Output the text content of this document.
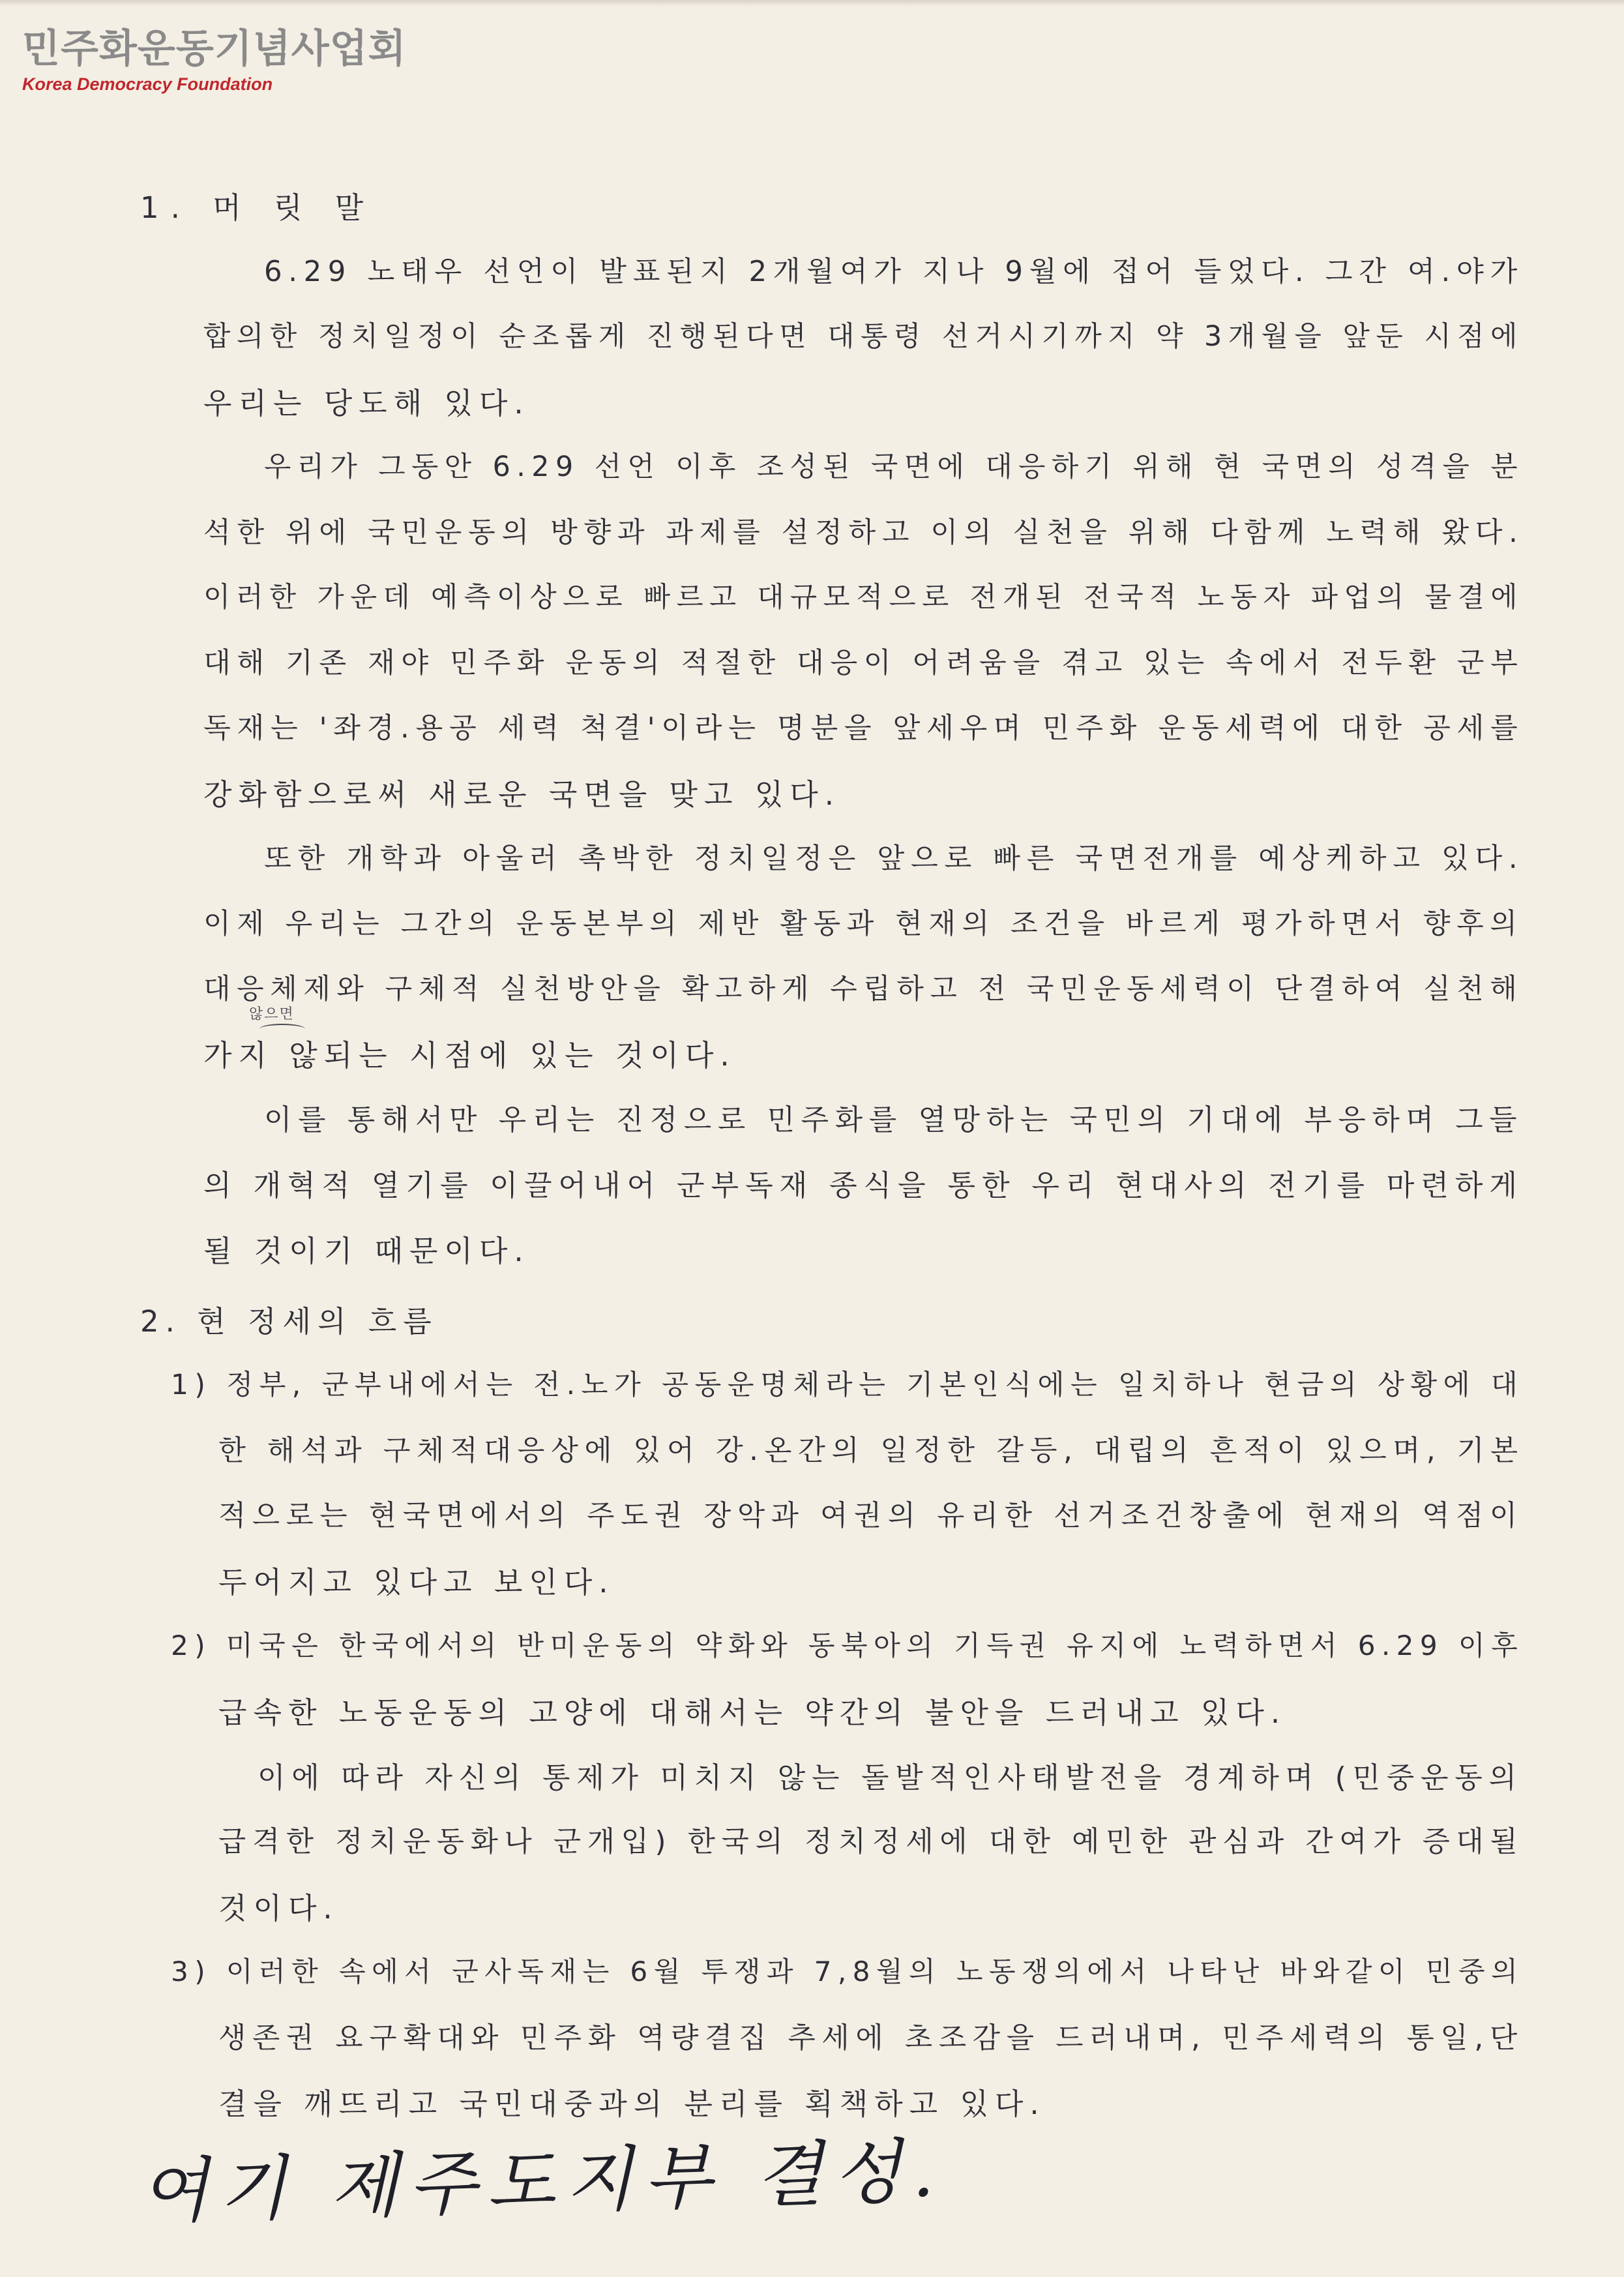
민주화운동기념사업회
Korea Democracy Foundation
1. 머 릿 말
6.29 노태우 선언이 발표된지 2개월여가 지나 9월에 접어 들었다. 그간 여.야가
합의한 정치일정이 순조롭게 진행된다면 대통령 선거시기까지 약 3개월을 앞둔 시점에
우리는 당도해 있다.
우리가 그동안 6.29 선언 이후 조성된 국면에 대응하기 위해 현 국면의 성격을 분
석한 위에 국민운동의 방향과 과제를 설정하고 이의 실천을 위해 다함께 노력해 왔다.
이러한 가운데 예측이상으로 빠르고 대규모적으로 전개된 전국적 노동자 파업의 물결에
대해 기존 재야 민주화 운동의 적절한 대응이 어려움을 겪고 있는 속에서 전두환 군부
독재는 '좌경.용공 세력 척결'이라는 명분을 앞세우며 민주화 운동세력에 대한 공세를
강화함으로써 새로운 국면을 맞고 있다.
또한 개학과 아울러 촉박한 정치일정은 앞으로 빠른 국면전개를 예상케하고 있다.
이제 우리는 그간의 운동본부의 제반 활동과 현재의 조건을 바르게 평가하면서 향후의
대응체제와 구체적 실천방안을 확고하게 수립하고 전 국민운동세력이 단결하여 실천해
않으면
가지 않되는 시점에 있는 것이다.
이를 통해서만 우리는 진정으로 민주화를 열망하는 국민의 기대에 부응하며 그들
의 개혁적 열기를 이끌어내어 군부독재 종식을 통한 우리 현대사의 전기를 마련하게
될 것이기 때문이다.
2. 현 정세의 흐름
1) 정부, 군부내에서는 전.노가 공동운명체라는 기본인식에는 일치하나 현금의 상황에 대
한 해석과 구체적대응상에 있어 강.온간의 일정한 갈등, 대립의 흔적이 있으며, 기본
적으로는 현국면에서의 주도권 장악과 여권의 유리한 선거조건창출에 현재의 역점이
두어지고 있다고 보인다.
2) 미국은 한국에서의 반미운동의 약화와 동북아의 기득권 유지에 노력하면서 6.29 이후
급속한 노동운동의 고양에 대해서는 약간의 불안을 드러내고 있다.
이에 따라 자신의 통제가 미치지 않는 돌발적인사태발전을 경계하며 (민중운동의
급격한 정치운동화나 군개입) 한국의 정치정세에 대한 예민한 관심과 간여가 증대될
것이다.
3) 이러한 속에서 군사독재는 6월 투쟁과 7,8월의 노동쟁의에서 나타난 바와같이 민중의
생존권 요구확대와 민주화 역량결집 추세에 초조감을 드러내며, 민주세력의 통일,단
결을 깨뜨리고 국민대중과의 분리를 획책하고 있다.
여기 제주도지부 결성.
